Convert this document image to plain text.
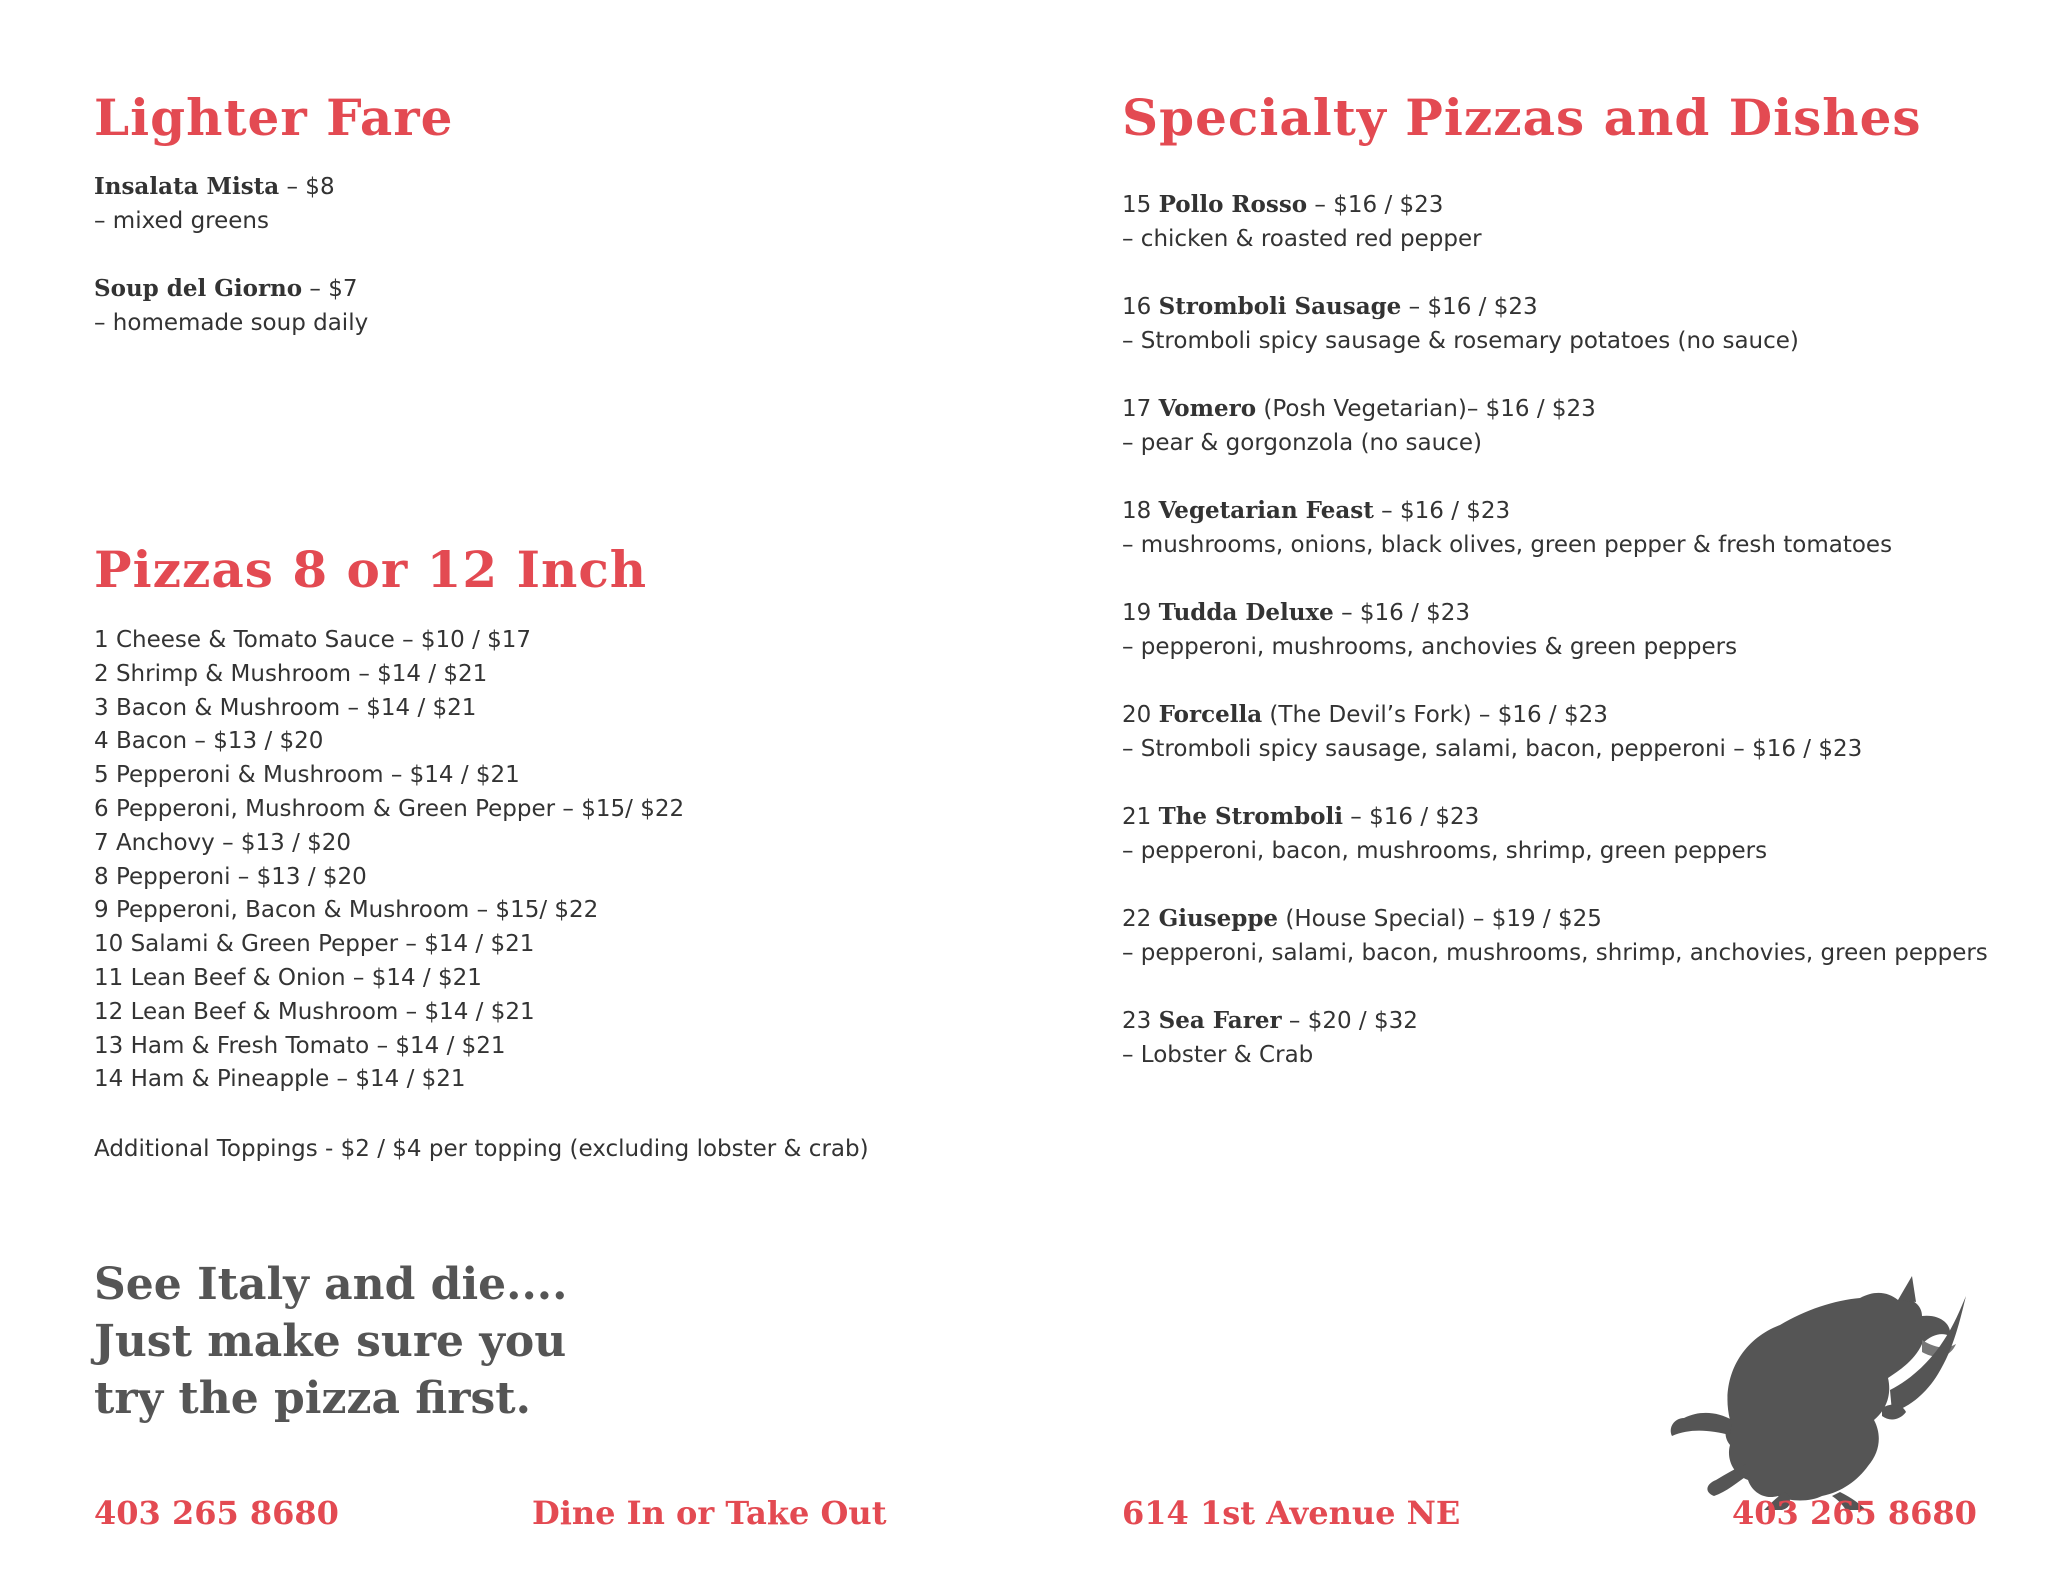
Lighter Fare
Insalata Mista – $8
– mixed greens
Soup del Giorno – $7
– homemade soup daily
Pizzas 8 or 12 Inch
1 Cheese & Tomato Sauce – $10 / $17
2 Shrimp & Mushroom – $14 / $21
3 Bacon & Mushroom – $14 / $21
4 Bacon – $13 / $20
5 Pepperoni & Mushroom – $14 / $21
6 Pepperoni, Mushroom & Green Pepper – $15/ $22
7 Anchovy – $13 / $20
8 Pepperoni – $13 / $20
9 Pepperoni, Bacon & Mushroom – $15/ $22
10 Salami & Green Pepper – $14 / $21
11 Lean Beef & Onion – $14 / $21
12 Lean Beef & Mushroom – $14 / $21
13 Ham & Fresh Tomato – $14 / $21
14 Ham & Pineapple – $14 / $21
Additional Toppings - $2 / $4 per topping (excluding lobster & crab)
Specialty Pizzas and Dishes
15 Pollo Rosso – $16 / $23
– chicken & roasted red pepper
16 Stromboli Sausage – $16 / $23
– Stromboli spicy sausage & rosemary potatoes (no sauce)
17 Vomero (Posh Vegetarian)– $16 / $23
– pear & gorgonzola (no sauce)
18 Vegetarian Feast – $16 / $23
– mushrooms, onions, black olives, green pepper & fresh tomatoes
19 Tudda Deluxe – $16 / $23
– pepperoni, mushrooms, anchovies & green peppers
20 Forcella (The Devil’s Fork) – $16 / $23
– Stromboli spicy sausage, salami, bacon, pepperoni – $16 / $23
21 The Stromboli – $16 / $23
– pepperoni, bacon, mushrooms, shrimp, green peppers
22 Giuseppe (House Special) – $19 / $25
– pepperoni, salami, bacon, mushrooms, shrimp, anchovies, green peppers
23 Sea Farer – $20 / $32
– Lobster & Crab
See Italy and die....
Just make sure you
try the pizza first.
403 265 8680	Dine In or Take Out	614 1st Avenue NE	403 265 8680
